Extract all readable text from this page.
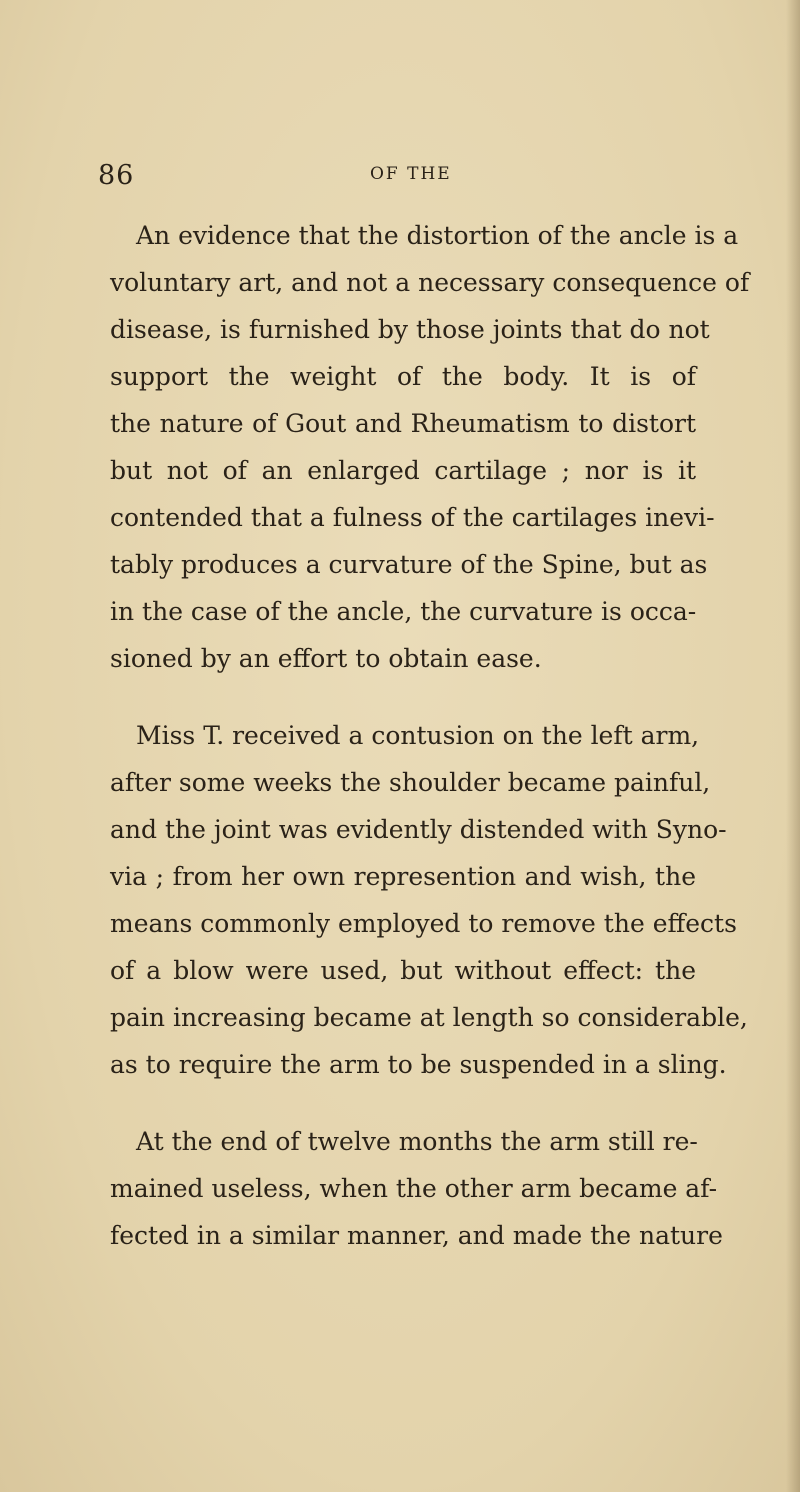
86	OF THE
An evidence that the distortion of the ancle is a
voluntary art, and not a necessary consequence of
disease, is furnished by those joints that do not
support the weight of the body. It is of
the nature of Gout and Rheumatism to distort
but not of an enlarged cartilage ; nor is it
contended that a fulness of the cartilages inevi-
tably produces a curvature of the Spine, but as
in the case of the ancle, the curvature is occa-
sioned by an effort to obtain ease.
Miss T. received a contusion on the left arm,
after some weeks the shoulder became painful,
and the joint was evidently distended with Syno-
via ; from her own represention and wish, the
means commonly employed to remove the effects
of a blow were used, but without effect: the
pain increasing became at length so considerable,
as to require the arm to be suspended in a sling.
At the end of twelve months the arm still re-
mained useless, when the other arm became af-
fected in a similar manner, and made the nature
